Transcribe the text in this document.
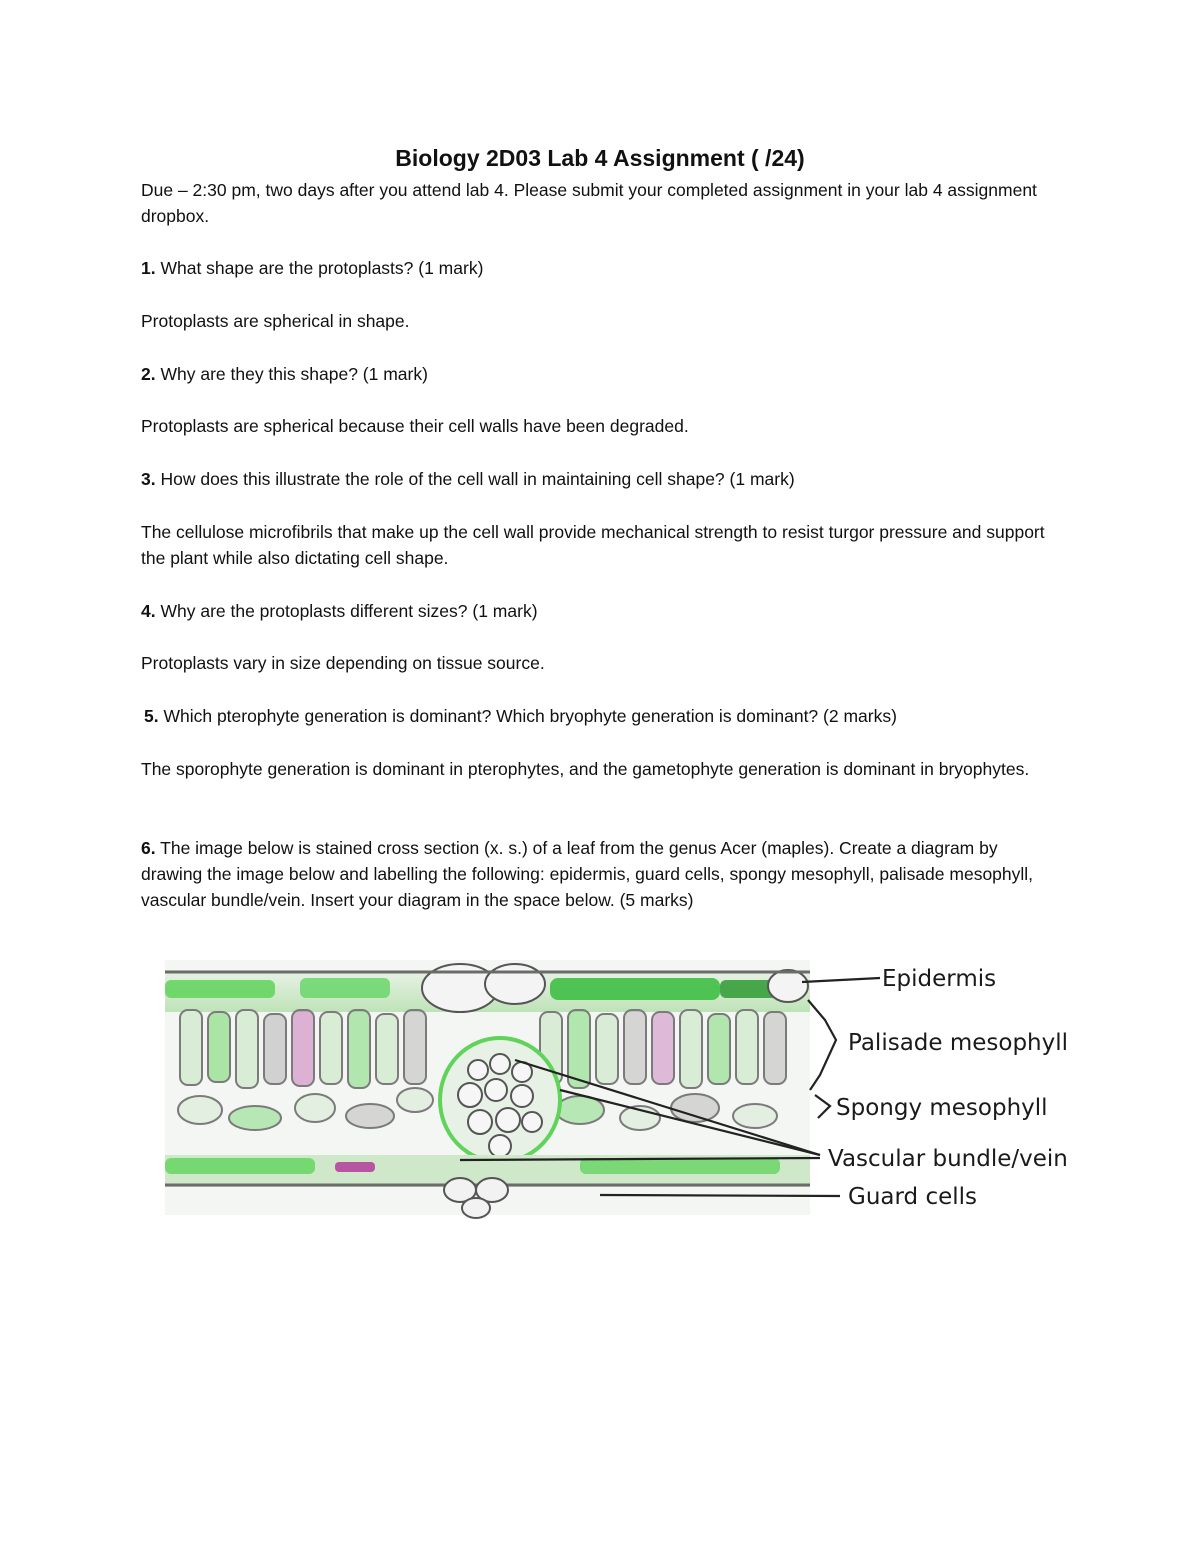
Biology 2D03 Lab 4 Assignment ( /24)
Due – 2:30 pm, two days after you attend lab 4. Please submit your completed assignment in your lab 4 assignment dropbox.
1. What shape are the protoplasts? (1 mark)
Protoplasts are spherical in shape.
2. Why are they this shape? (1 mark)
Protoplasts are spherical because their cell walls have been degraded.
3. How does this illustrate the role of the cell wall in maintaining cell shape? (1 mark)
The cellulose microfibrils that make up the cell wall provide mechanical strength to resist turgor pressure and support the plant while also dictating cell shape.
4. Why are the protoplasts different sizes? (1 mark)
Protoplasts vary in size depending on tissue source.
5. Which pterophyte generation is dominant? Which bryophyte generation is dominant? (2 marks)
The sporophyte generation is dominant in pterophytes, and the gametophyte generation is dominant in bryophytes.
6. The image below is stained cross section (x. s.) of a leaf from the genus Acer (maples). Create a diagram by drawing the image below and labelling the following: epidermis, guard cells, spongy mesophyll, palisade mesophyll, vascular bundle/vein. Insert your diagram in the space below. (5 marks)
Epidermis
Palisade mesophyll
Spongy mesophyll
Vascular bundle/vein
Guard cells
